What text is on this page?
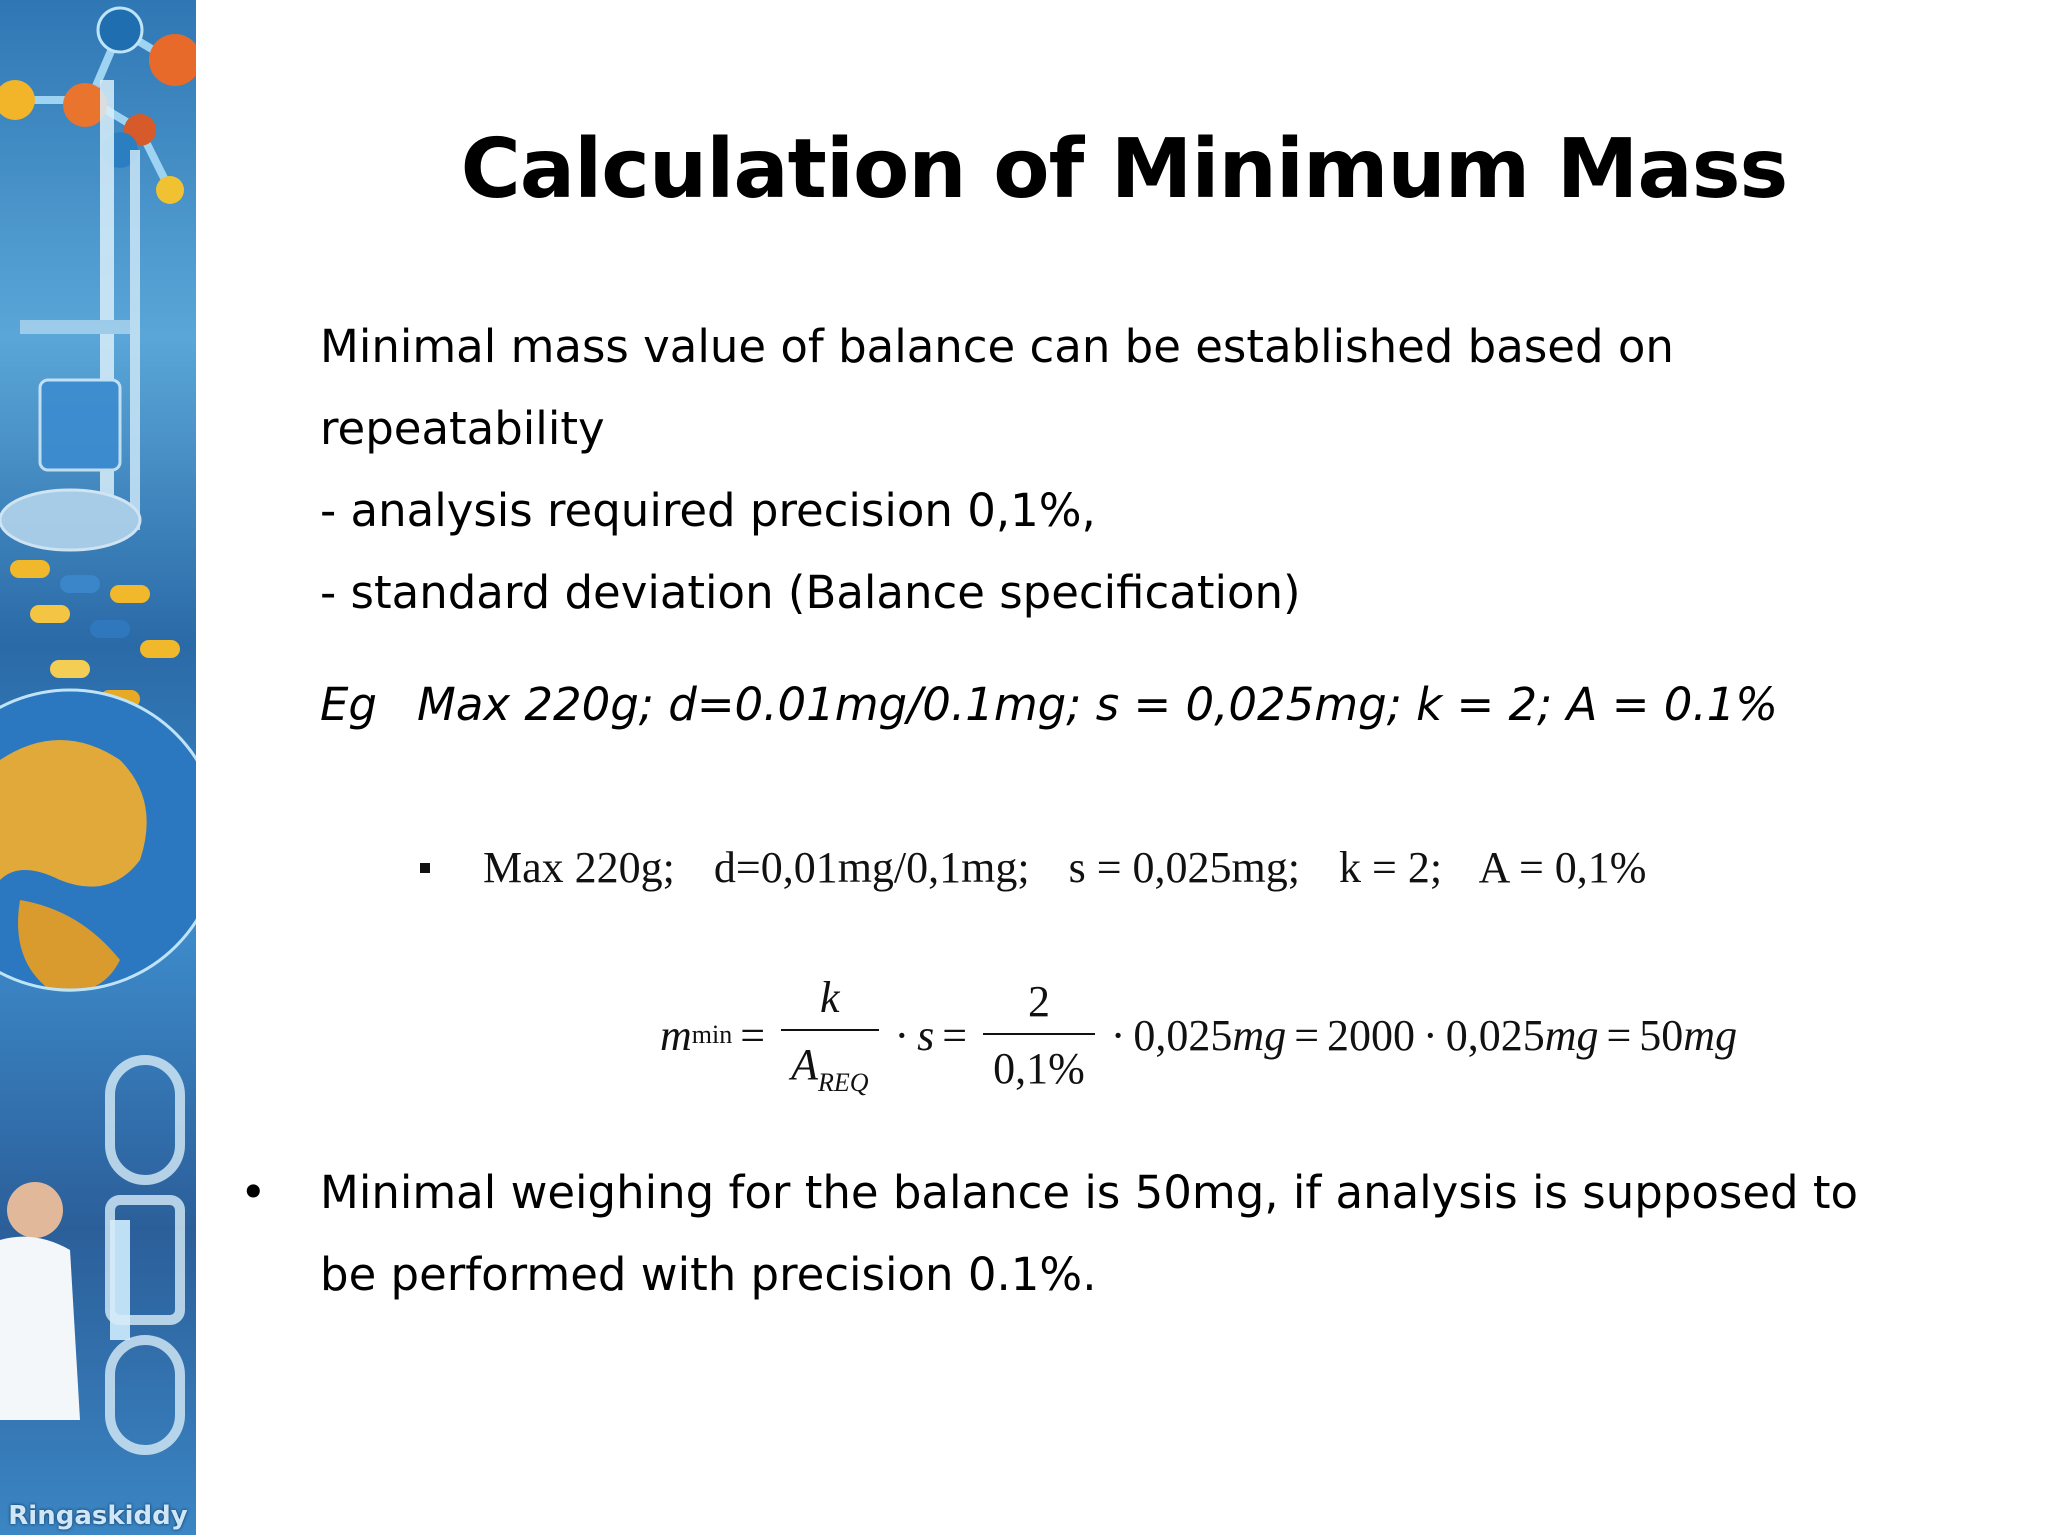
Ringaskiddy
Calculation of Minimum Mass
Minimal mass value of balance can be established based on
repeatability
- analysis required precision 0,1%,
- standard deviation (Balance specification)
Eg Max 220g; d=0.01mg/0.1mg; s = 0,025mg; k = 2; A = 0.1%
Max 220g; d=0,01mg/0,1mg; s = 0,025mg; k = 2; A = 0,1%
m $\min = \frac{k}{A_{REQ}} \cdot s = \frac{2}{0,1\%} \cdot 0,025$ mg = 2000 · 0,025 mg = 50 mg
• Minimal weighing for the balance is 50mg, if analysis is supposed to
be performed with precision 0.1%.
